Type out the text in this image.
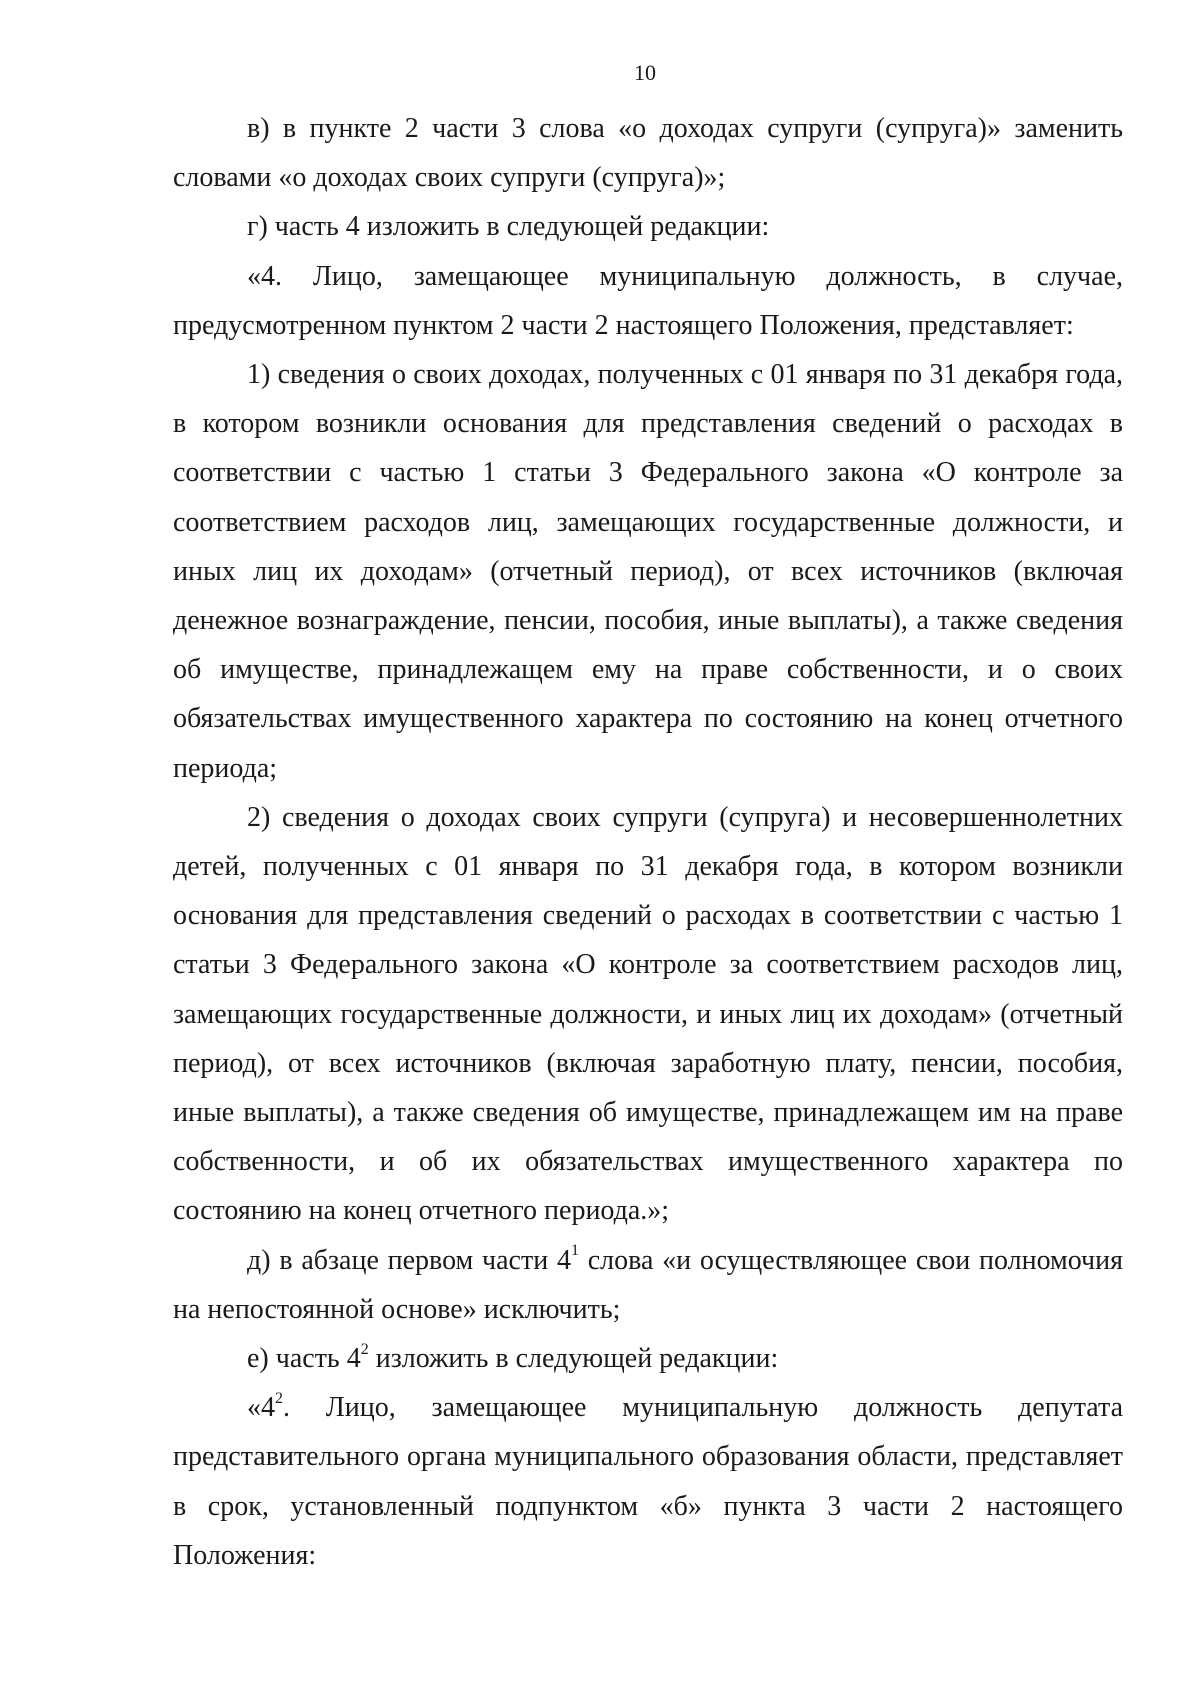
10

в) в пункте 2 части 3 слова «о доходах супруги (супруга)» заменить словами «о доходах своих супруги (супруга)»;

г) часть 4 изложить в следующей редакции:

«4. Лицо, замещающее муниципальную должность, в случае, предусмотренном пунктом 2 части 2 настоящего Положения, представляет:

1) сведения о своих доходах, полученных с 01 января по 31 декабря года, в котором возникли основания для представления сведений о расходах в соответствии с частью 1 статьи 3 Федерального закона «О контроле за соответствием расходов лиц, замещающих государственные должности, и иных лиц их доходам» (отчетный период), от всех источников (включая денежное вознаграждение, пенсии, пособия, иные выплаты), а также сведения об имуществе, принадлежащем ему на праве собственности, и о своих обязательствах имущественного характера по состоянию на конец отчетного периода;

2) сведения о доходах своих супруги (супруга) и несовершеннолетних детей, полученных с 01 января по 31 декабря года, в котором возникли основания для представления сведений о расходах в соответствии с частью 1 статьи 3 Федерального закона «О контроле за соответствием расходов лиц, замещающих государственные должности, и иных лиц их доходам» (отчетный период), от всех источников (включая заработную плату, пенсии, пособия, иные выплаты), а также сведения об имуществе, принадлежащем им на праве собственности, и об их обязательствах имущественного характера по состоянию на конец отчетного периода.»;

д) в абзаце первом части $4^1$ слова «и осуществляющее свои полномочия на непостоянной основе» исключить;

е) часть $4^2$ изложить в следующей редакции:

«$4^2$. Лицо, замещающее муниципальную должность депутата представительного органа муниципального образования области, представляет в срок, установленный подпунктом «б» пункта 3 части 2 настоящего Положения:
